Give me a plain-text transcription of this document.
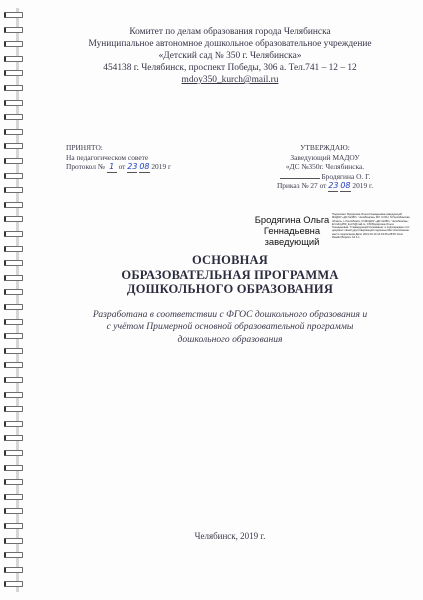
Комитет по делам образования города Челябинска
Муниципальное автономное дошкольное образовательное учреждение
«Детский сад № 350 г. Челябинска»
454138 г. Челябинск, проспект Победы, 306 а. Тел.741 – 12 – 12
mdoy350_kurch@mail.ru
ПРИНЯТО:
На педагогическом совете
Протокол № 1 от 23 08 2019 г
УТВЕРЖДАЮ:
Заведующий МАДОУ
«ДС №350г. Челябинска.
Бродягина О. Г.
Приказ № 27 от 23 08 2019 г.
Бродягина Ольга
Геннадьевна
заведующий
Подписано: Бродягина Ольга Геннадьевна заведующий МАДОУ «ДС №350 г. Челябинска» DN: C=RU, S=Челябинская область, L=Челябинск, O=МАДОУ «ДС №350 г. Челябинска», E=mdoy350_kurch@mail.ru, CN=Бродягина Ольга Геннадьевна, T=заведующий Основание: я подтверждаю этот документ своей удостоверяющей подписью Местоположение: место подписания Дата: 2021.03.10 14:19:25+05'00' Foxit Reader Версия: 10.1.1
ОСНОВНАЯ
ОБРАЗОВАТЕЛЬНАЯ ПРОГРАММА
ДОШКОЛЬНОГО ОБРАЗОВАНИЯ
Разработана в соответствии с ФГОС дошкольного образования и
с учётом Примерной основной образовательной программы
дошкольного образования
Челябинск, 2019 г.
